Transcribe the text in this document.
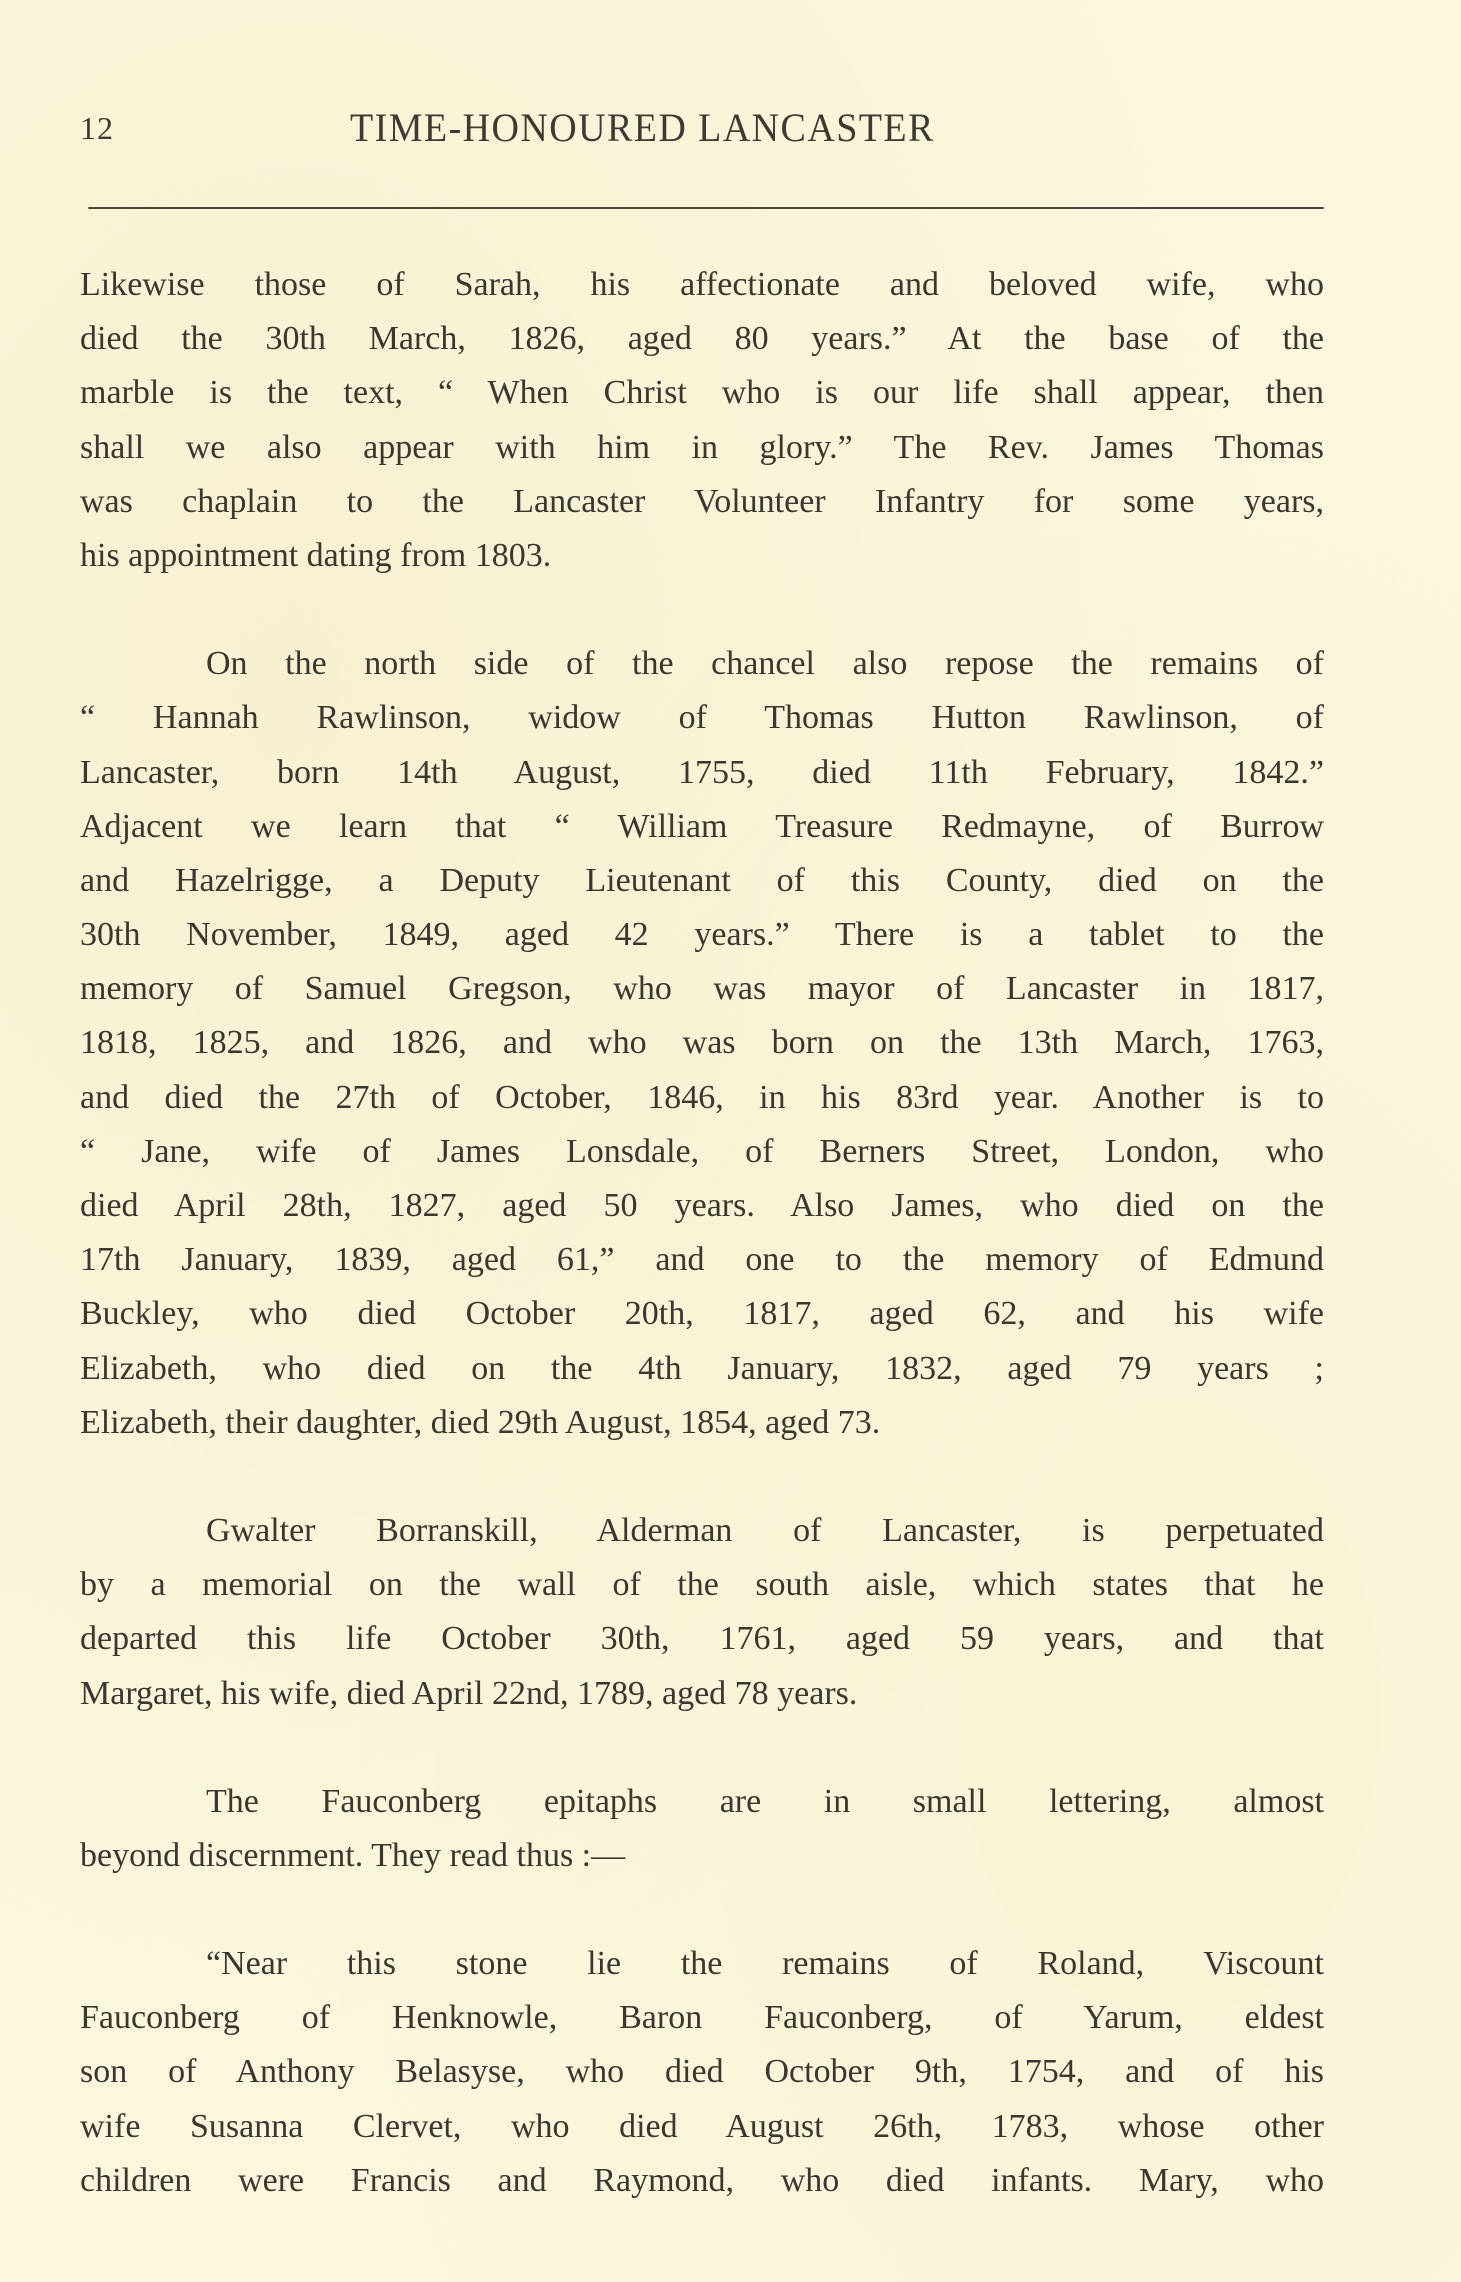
12	TIME-HONOURED LANCASTER
Likewise those of Sarah, his affectionate and beloved wife, who
died the 30th March, 1826, aged 80 years.” At the base of the
marble is the text, “ When Christ who is our life shall appear, then
shall we also appear with him in glory.” The Rev. James Thomas
was chaplain to the Lancaster Volunteer Infantry for some years,
his appointment dating from 1803.
On the north side of the chancel also repose the remains of
“ Hannah Rawlinson, widow of Thomas Hutton Rawlinson, of
Lancaster, born 14th August, 1755, died 11th February, 1842.”
Adjacent we learn that “ William Treasure Redmayne, of Burrow
and Hazelrigge, a Deputy Lieutenant of this County, died on the
30th November, 1849, aged 42 years.” There is a tablet to the
memory of Samuel Gregson, who was mayor of Lancaster in 1817,
1818, 1825, and 1826, and who was born on the 13th March, 1763,
and died the 27th of October, 1846, in his 83rd year. Another is to
“ Jane, wife of James Lonsdale, of Berners Street, London, who
died April 28th, 1827, aged 50 years. Also James, who died on the
17th January, 1839, aged 61,” and one to the memory of Edmund
Buckley, who died October 20th, 1817, aged 62, and his wife
Elizabeth, who died on the 4th January, 1832, aged 79 years ;
Elizabeth, their daughter, died 29th August, 1854, aged 73.
Gwalter Borranskill, Alderman of Lancaster, is perpetuated
by a memorial on the wall of the south aisle, which states that he
departed this life October 30th, 1761, aged 59 years, and that
Margaret, his wife, died April 22nd, 1789, aged 78 years.
The Fauconberg epitaphs are in small lettering, almost
beyond discernment. They read thus :—
“Near this stone lie the remains of Roland, Viscount
Fauconberg of Henknowle, Baron Fauconberg, of Yarum, eldest
son of Anthony Belasyse, who died October 9th, 1754, and of his
wife Susanna Clervet, who died August 26th, 1783, whose other
children were Francis and Raymond, who died infants. Mary, who
